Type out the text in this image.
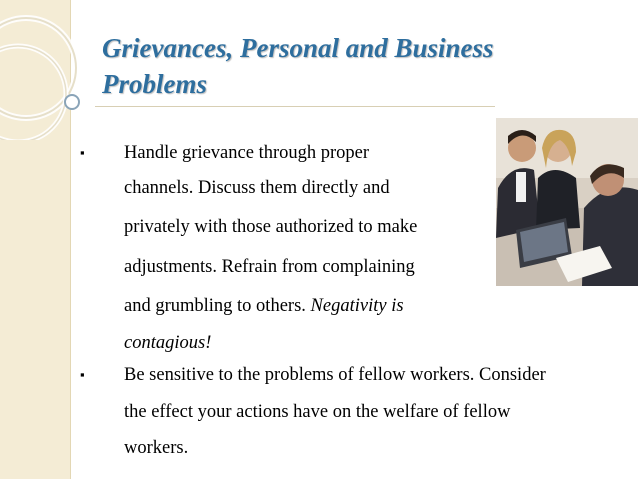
Grievances, Personal and Business Problems
▪	Handle grievance through proper
channels. Discuss them directly and
privately with those authorized to make
adjustments. Refrain from complaining
and grumbling to others. Negativity is
contagious!
▪	Be sensitive to the problems of fellow workers. Consider
the effect your actions have on the welfare of fellow
workers.
